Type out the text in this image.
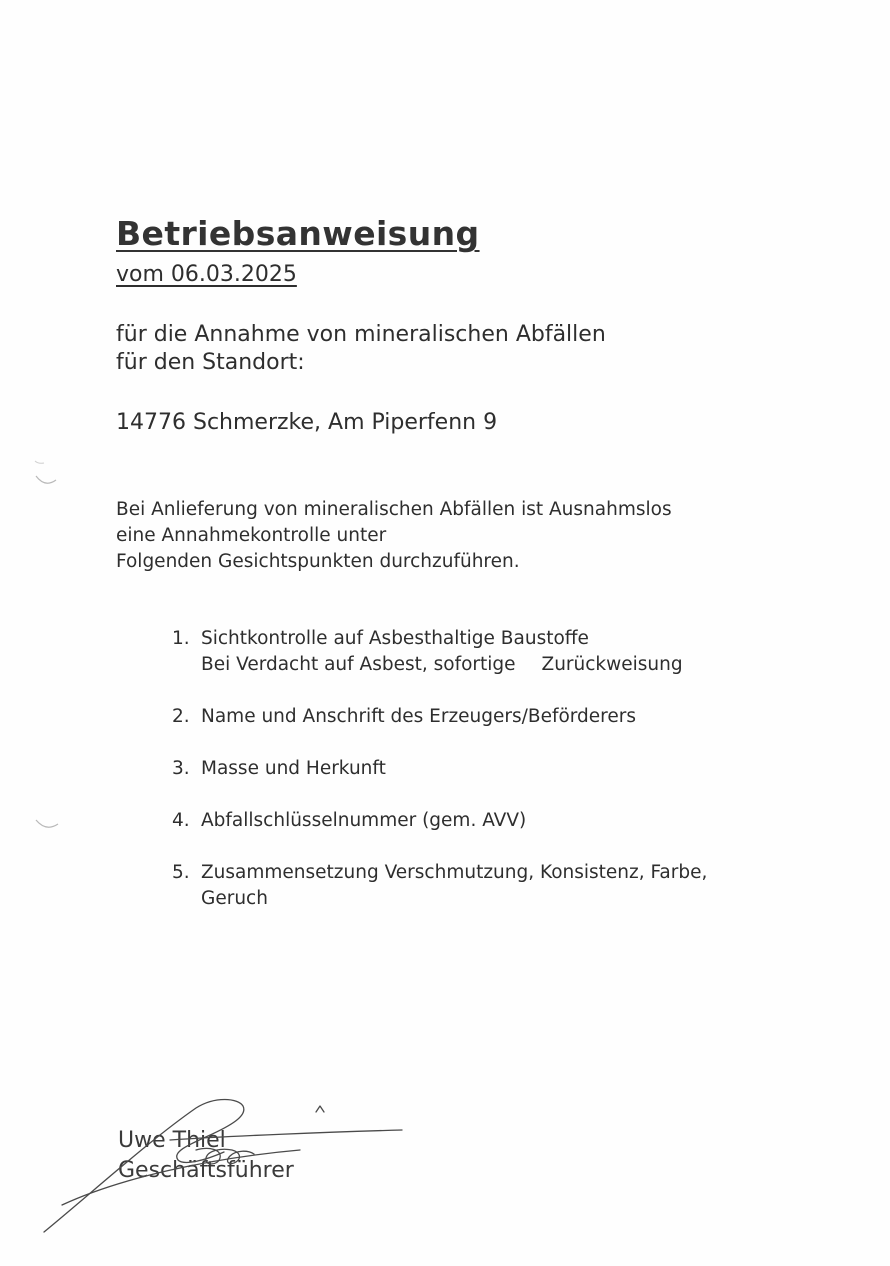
Betriebsanweisung

vom 06.03.2025

für die Annahme von mineralischen Abfällen
für den Standort:

14776 Schmerzke, Am Piperfenn 9

Bei Anlieferung von mineralischen Abfällen ist Ausnahmslos
eine Annahmekontrolle unter
Folgenden Gesichtspunkten durchzuführen.

1. Sichtkontrolle auf Asbesthaltige Baustoffe
Bei Verdacht auf Asbest, sofortige Zurückweisung
2. Name und Anschrift des Erzeugers/Beförderers
3. Masse und Herkunft
4. Abfallschlüsselnummer (gem. AVV)
5. Zusammensetzung Verschmutzung, Konsistenz, Farbe,
Geruch

Uwe Thiel
Geschäftsführer
